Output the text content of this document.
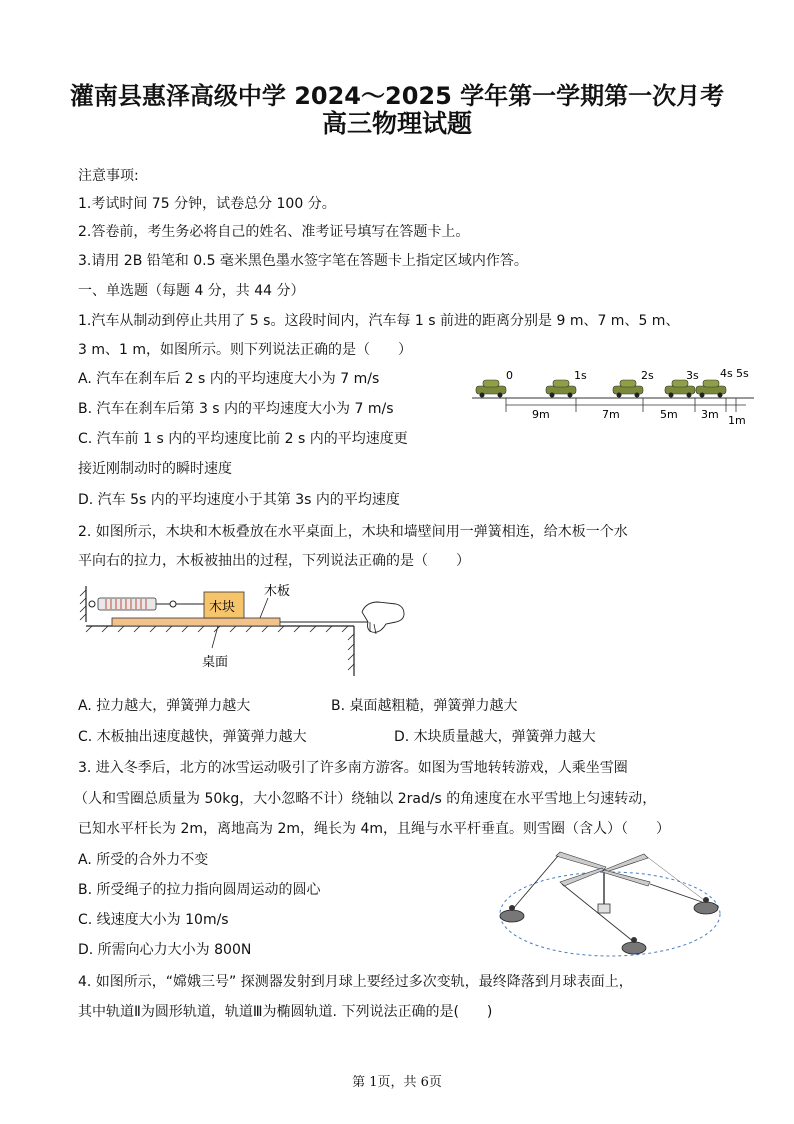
灌南县惠泽高级中学 2024～2025 学年第一学期第一次月考
高三物理试题
注意事项:
1.考试时间 75 分钟，试卷总分 100 分。
2.答卷前，考生务必将自己的姓名、准考证号填写在答题卡上。
3.请用 2B 铅笔和 0.5 毫米黑色墨水签字笔在答题卡上指定区域内作答。
一、单选题（每题 4 分，共 44 分）
1.汽车从制动到停止共用了 5 s。这段时间内，汽车每 1 s 前进的距离分别是 9 m、7 m、5 m、
3 m、1 m，如图所示。则下列说法正确的是（　　）
A. 汽车在刹车后 2 s 内的平均速度大小为 7 m/s
B. 汽车在刹车后第 3 s 内的平均速度大小为 7 m/s
C. 汽车前 1 s 内的平均速度比前 2 s 内的平均速度更
接近刚制动时的瞬时速度
D. 汽车 5s 内的平均速度小于其第 3s 内的平均速度
0	1s	2s	3s 4s 5s
9m	7m	5m 3m 1m
2. 如图所示，木块和木板叠放在水平桌面上，木块和墙壁间用一弹簧相连，给木板一个水
平向右的拉力，木板被抽出的过程，下列说法正确的是（　　）
木块
木板
桌面
A. 拉力越大，弹簧弹力越大	B. 桌面越粗糙，弹簧弹力越大
C. 木板抽出速度越快，弹簧弹力越大	D. 木块质量越大，弹簧弹力越大
3. 进入冬季后，北方的冰雪运动吸引了许多南方游客。如图为雪地转转游戏，人乘坐雪圈
（人和雪圈总质量为 50kg，大小忽略不计）绕轴以 2rad/s 的角速度在水平雪地上匀速转动，
已知水平杆长为 2m，离地高为 2m，绳长为 4m，且绳与水平杆垂直。则雪圈（含人）（　　）
A. 所受的合外力不变
B. 所受绳子的拉力指向圆周运动的圆心
C. 线速度大小为 10m/s
D. 所需向心力大小为 800N
4. 如图所示，“嫦娥三号” 探测器发射到月球上要经过多次变轨，最终降落到月球表面上，
其中轨道Ⅱ为圆形轨道，轨道Ⅲ为椭圆轨道. 下列说法正确的是(　　)
第 1页，共 6页
